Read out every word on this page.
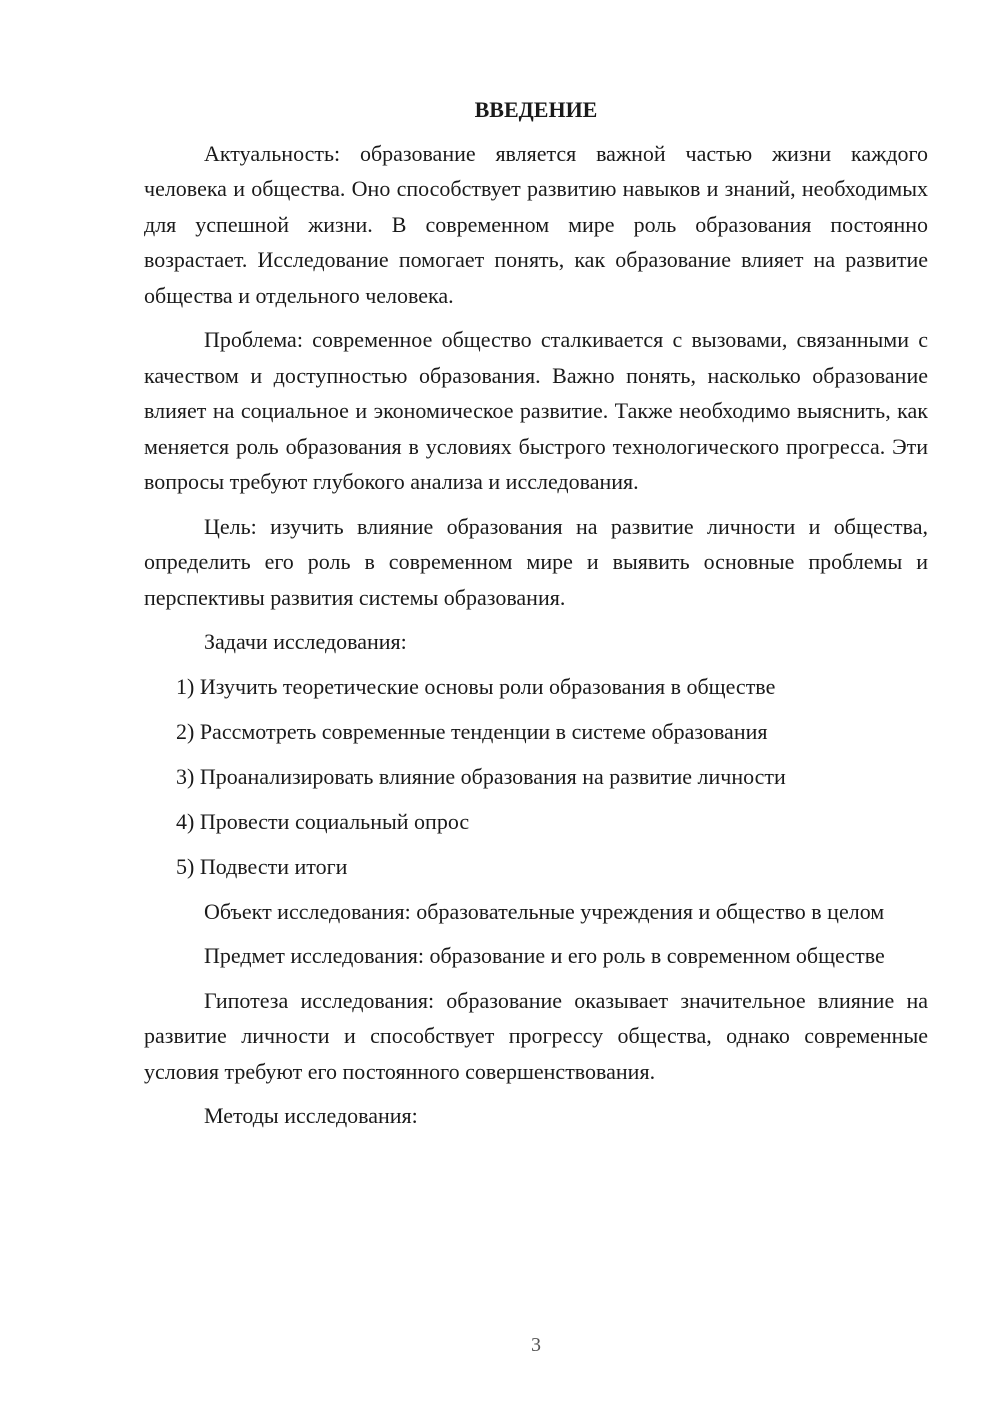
ВВЕДЕНИЕ

Актуальность: образование является важной частью жизни каждого человека и общества. Оно способствует развитию навыков и знаний, необходимых для успешной жизни. В современном мире роль образования постоянно возрастает. Исследование помогает понять, как образование влияет на развитие общества и отдельного человека.

Проблема: современное общество сталкивается с вызовами, связанными с качеством и доступностью образования. Важно понять, насколько образование влияет на социальное и экономическое развитие. Также необходимо выяснить, как меняется роль образования в условиях быстрого технологического прогресса. Эти вопросы требуют глубокого анализа и исследования.

Цель: изучить влияние образования на развитие личности и общества, определить его роль в современном мире и выявить основные проблемы и перспективы развития системы образования.

Задачи исследования:

1) Изучить теоретические основы роли образования в обществе
2) Рассмотреть современные тенденции в системе образования
3) Проанализировать влияние образования на развитие личности
4) Провести социальный опрос
5) Подвести итоги

Объект исследования: образовательные учреждения и общество в целом

Предмет исследования: образование и его роль в современном обществе

Гипотеза исследования: образование оказывает значительное влияние на развитие личности и способствует прогрессу общества, однако современные условия требуют его постоянного совершенствования.

Методы исследования:

3
